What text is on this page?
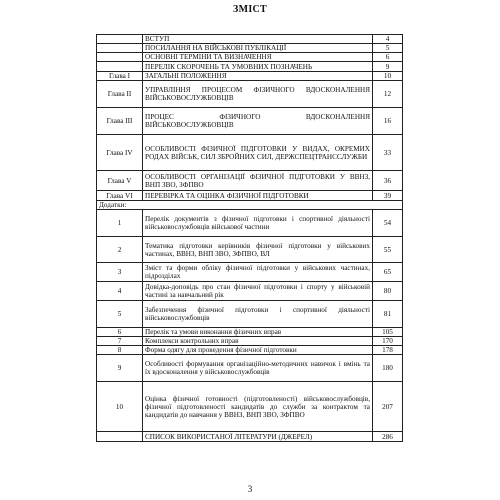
ЗМІСТ
	ВСТУП	4
	ПОСИЛАННЯ НА ВІЙСЬКОВІ ПУБЛІКАЦІЇ	5
	ОСНОВНІ ТЕРМІНИ ТА ВИЗНАЧЕННЯ	6
	ПЕРЕЛІК СКОРОЧЕНЬ ТА УМОВНИХ ПОЗНАЧЕНЬ	9
Глава I	ЗАГАЛЬНІ ПОЛОЖЕННЯ	10
Глава II	УПРАВЛІННЯ ПРОЦЕСОМ ФІЗИЧНОГО ВДОСКОНАЛЕННЯ ВІЙСЬКОВОСЛУЖБОВЦІВ	12
Глава III	ПРОЦЕС ФІЗИЧНОГО ВДОСКОНАЛЕННЯ ВІЙСЬКОВОСЛУЖБОВЦІВ	16
Глава IV	ОСОБЛИВОСТІ ФІЗИЧНОЇ ПІДГОТОВКИ У ВИДАХ, ОКРЕМИХ РОДАХ ВІЙСЬК, СИЛ ЗБРОЙНИХ СИЛ, ДЕРЖСПЕЦТРАНССЛУЖБИ	33
Глава V	ОСОБЛИВОСТІ ОРГАНІЗАЦІЇ ФІЗИЧНОЇ ПІДГОТОВКИ У ВВНЗ, ВНП ЗВО, ЗФПВО	36
Глава VI	ПЕРЕВІРКА ТА ОЦІНКА ФІЗИЧНОЇ ПІДГОТОВКИ	39
Додатки:		
1	Перелік документів з фізичної підготовки і спортивної діяльності військовослужбовців військової частини	54
2	Тематика підготовки керівників фізичної підготовки у військових частинах, ВВНЗ, ВНП ЗВО, ЗФПВО, ВЛ	55
3	Зміст та форми обліку фізичної підготовки у військових частинах, підрозділах	65
4	Довідка-доповідь про стан фізичної підготовки і спорту у військовій частині за навчальний рік	80
5	Забезпечення фізичної підготовки і спортивної діяльності військовослужбовців	81
6	Перелік та умови виконання фізичних вправ	105
7	Комплекси контрольних вправ	170
8	Форма одягу для проведення фізичної підготовки	178
9	Особливості формування організаційно-методичних навичок і вмінь та їх вдосконалення у військовослужбовців	180
10	Оцінка фізичної готовності (підготовленості) військовослужбовців, фізичної підготовленості кандидатів до служби за контрактом та кандидатів до навчання у ВВНЗ, ВНП ЗВО, ЗФПВО	207
	СПИСОК ВИКОРИСТАНОЇ ЛІТЕРАТУРИ (ДЖЕРЕЛ)	286
3
